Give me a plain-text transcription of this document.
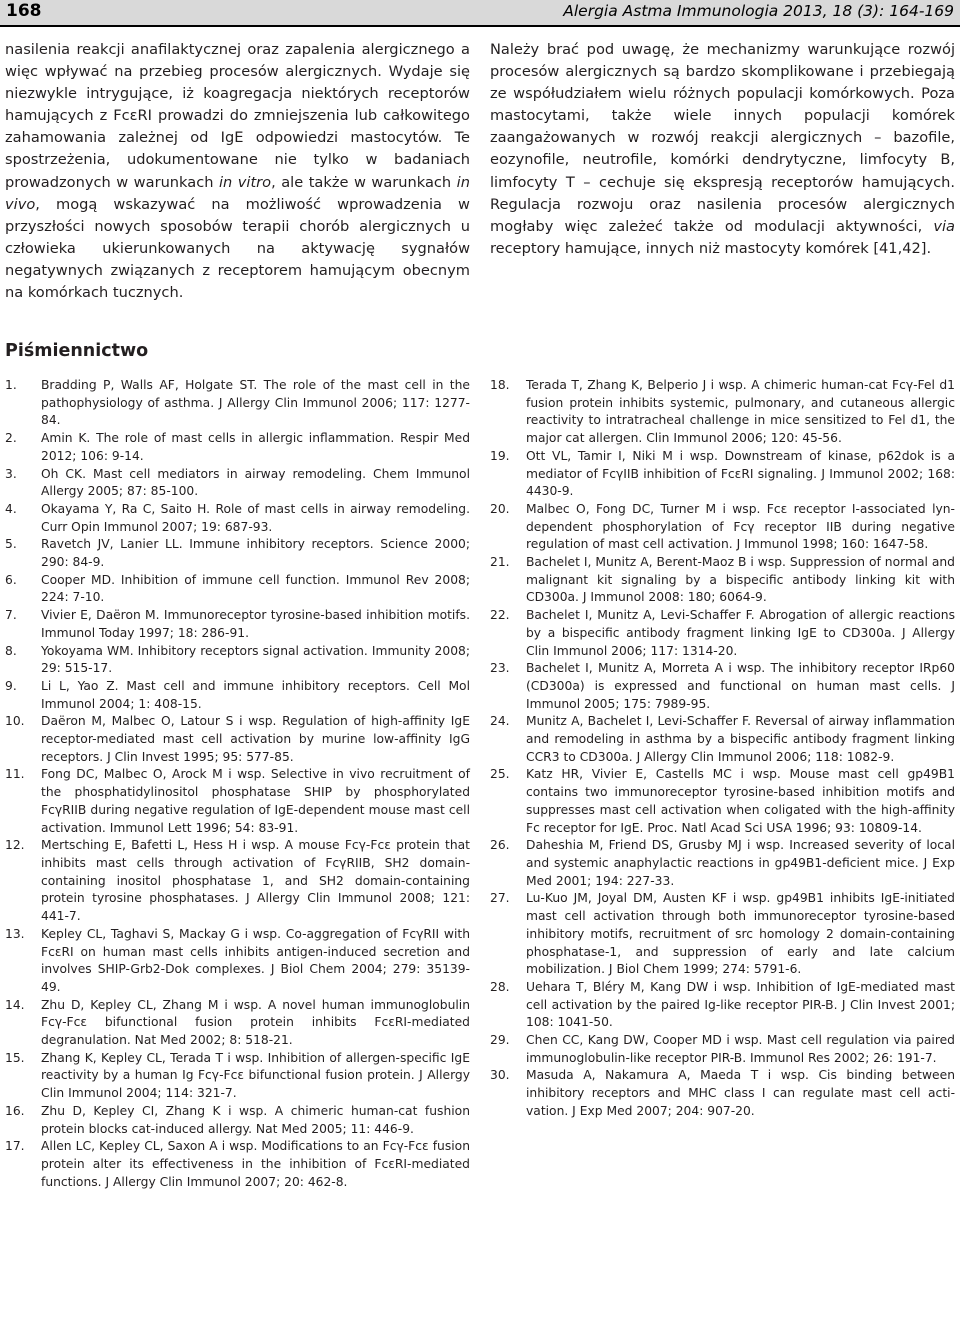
168	Alergia Astma Immunologia 2013, 18 (3): 164-169

nasilenia reakcji anafilaktycznej oraz zapalenia alergicznego a więc wpływać na przebieg procesów alergicznych. Wydaje się niezwykle intrygujące, iż koagregacja niektórych receptorów hamujących z FcεRI prowadzi do zmniejszenia lub całkowitego zahamowania zależnej od IgE odpowiedzi mastocytów. Te spostrzeżenia, udokumentowane nie tylko w badaniach prowadzonych w warunkach in vitro, ale także w warunkach in vivo, mogą wskazywać na możliwość wprowadzenia w przyszłości nowych sposobów terapii chorób alergicznych u człowieka ukierunkowanych na aktywację sygnałów negatywnych związanych z receptorem hamującym obecnym na komórkach tucznych.

Należy brać pod uwagę, że mechanizmy warunkujące rozwój procesów alergicznych są bardzo skomplikowane i przebiegają ze współudziałem wielu różnych populacji komórkowych. Poza mastocytami, także wiele innych populacji komórek zaangażowanych w rozwój reakcji alergicznych – bazofile, eozynofile, neutrofile, komórki dendrytyczne, limfocyty B, limfocyty T – cechuje się ekspresją receptorów hamujących. Regulacja rozwoju oraz nasilenia procesów alergicznych mogłaby więc zależeć także od modulacji aktywności, via receptory hamujące, innych niż mastocyty komórek [41,42].

Piśmiennictwo
1. Bradding P, Walls AF, Holgate ST. The role of the mast cell in the pathophysiology of asthma. J Allergy Clin Immunol 2006; 117: 1277-84.
2. Amin K. The role of mast cells in allergic inflammation. Respir Med 2012; 106: 9-14.
3. Oh CK. Mast cell mediators in airway remodeling. Chem Immunol Allergy 2005; 87: 85-100.
4. Okayama Y, Ra C, Saito H. Role of mast cells in airway remodeling. Curr Opin Immunol 2007; 19: 687-93.
5. Ravetch JV, Lanier LL. Immune inhibitory receptors. Science 2000; 290: 84-9.
6. Cooper MD. Inhibition of immune cell function. Immunol Rev 2008; 224: 7-10.
7. Vivier E, Daëron M. Immunoreceptor tyrosine-based inhibition motifs. Immunol Today 1997; 18: 286-91.
8. Yokoyama WM. Inhibitory receptors signal activation. Immunity 2008; 29: 515-17.
9. Li L, Yao Z. Mast cell and immune inhibitory receptors. Cell Mol Immunol 2004; 1: 408-15.
10. Daëron M, Malbec O, Latour S i wsp. Regulation of high-affinity IgE receptor-mediated mast cell activation by murine low-affinity IgG receptors. J Clin Invest 1995; 95: 577-85.
11. Fong DC, Malbec O, Arock M i wsp. Selective in vivo recruitment of the phosphatidylinositol phosphatase SHIP by phosphorylated FcγRIIB during negative regulation of IgE-dependent mouse mast cell activation. Immunol Lett 1996; 54: 83-91.
12. Mertsching E, Bafetti L, Hess H i wsp. A mouse Fcγ-Fcε protein that inhibits mast cells through activation of FcγRIIB, SH2 domain-containing inositol phosphatase 1, and SH2 domain-containing protein tyrosine phosphatases. J Allergy Clin Immunol 2008; 121: 441-7.
13. Kepley CL, Taghavi S, Mackay G i wsp. Co-aggregation of FcγRII with FcεRI on human mast cells inhibits antigen-induced secretion and involves SHIP-Grb2-Dok complexes. J Biol Chem 2004; 279: 35139-49.
14. Zhu D, Kepley CL, Zhang M i wsp. A novel human immunoglobulin Fcγ-Fcε bifunctional fusion protein inhibits FcεRI-mediated degranulation. Nat Med 2002; 8: 518-21.
15. Zhang K, Kepley CL, Terada T i wsp. Inhibition of allergen-specific IgE reactivity by a human Ig Fcγ-Fcε bifunctional fusion protein. J Allergy Clin Immunol 2004; 114: 321-7.
16. Zhu D, Kepley CI, Zhang K i wsp. A chimeric human-cat fushion protein blocks cat-induced allergy. Nat Med 2005; 11: 446-9.
17. Allen LC, Kepley CL, Saxon A i wsp. Modifications to an Fcγ-Fcε fusion protein alter its effectiveness in the inhibition of FcεRI-mediated functions. J Allergy Clin Immunol 2007; 20: 462-8.
18. Terada T, Zhang K, Belperio J i wsp. A chimeric human-cat Fcγ-Fel d1 fusion protein inhibits systemic, pulmonary, and cutaneous allergic reactivity to intratracheal challenge in mice sensitized to Fel d1, the major cat allergen. Clin Immunol 2006; 120: 45-56.
19. Ott VL, Tamir I, Niki M i wsp. Downstream of kinase, p62dok is a mediator of FcγIIB inhibition of FcεRI signaling. J Immunol 2002; 168: 4430-9.
20. Malbec O, Fong DC, Turner M i wsp. Fcε receptor I-associated lyn-dependent phosphorylation of Fcγ receptor IIB during negative regulation of mast cell activation. J Immunol 1998; 160: 1647-58.
21. Bachelet I, Munitz A, Berent-Maoz B i wsp. Suppression of normal and malignant kit signaling by a bispecific antibody linking kit with CD300a. J Immunol 2008: 180; 6064-9.
22. Bachelet I, Munitz A, Levi-Schaffer F. Abrogation of allergic reactions by a bispecific antibody fragment linking IgE to CD300a. J Allergy Clin Immunol 2006; 117: 1314-20.
23. Bachelet I, Munitz A, Morreta A i wsp. The inhibitory receptor IRp60 (CD300a) is expressed and functional on human mast cells. J Immunol 2005; 175: 7989-95.
24. Munitz A, Bachelet I, Levi-Schaffer F. Reversal of airway inflammation and remodeling in asthma by a bispecific antibody fragment linking CCR3 to CD300a. J Allergy Clin Immunol 2006; 118: 1082-9.
25. Katz HR, Vivier E, Castells MC i wsp. Mouse mast cell gp49B1 contains two immunoreceptor tyrosine-based inhibition motifs and suppresses mast cell activation when coligated with the high-affinity Fc receptor for IgE. Proc. Natl Acad Sci USA 1996; 93: 10809-14.
26. Daheshia M, Friend DS, Grusby MJ i wsp. Increased severity of local and systemic anaphylactic reactions in gp49B1-deficient mice. J Exp Med 2001; 194: 227-33.
27. Lu-Kuo JM, Joyal DM, Austen KF i wsp. gp49B1 inhibits IgE-initiated mast cell activation through both immunoreceptor tyrosine-based inhibitory motifs, recruitment of src homology 2 domain-containing phosphatase-1, and suppression of early and late calcium mobilization. J Biol Chem 1999; 274: 5791-6.
28. Uehara T, Bléry M, Kang DW i wsp. Inhibition of IgE-mediated mast cell activation by the paired Ig-like receptor PIR-B. J Clin Invest 2001; 108: 1041-50.
29. Chen CC, Kang DW, Cooper MD i wsp. Mast cell regulation via paired immunoglobulin-like receptor PIR-B. Immunol Res 2002; 26: 191-7.
30. Masuda A, Nakamura A, Maeda T i wsp. Cis binding between inhibitory receptors and MHC class I can regulate mast cell activation. J Exp Med 2007; 204: 907-20.
